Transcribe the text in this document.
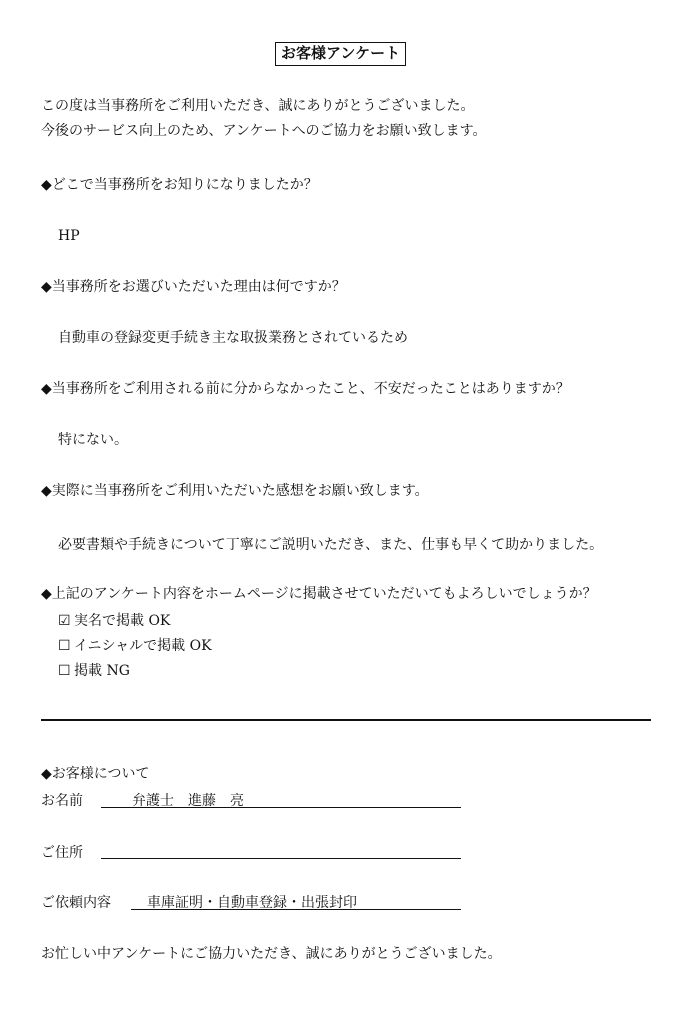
お客様アンケート
この度は当事務所をご利用いただき、誠にありがとうございました。
今後のサービス向上のため、アンケートへのご協力をお願い致します。
◆どこで当事務所をお知りになりましたか？
HP
◆当事務所をお選びいただいた理由は何ですか？
自動車の登録変更手続き主な取扱業務とされているため
◆当事務所をご利用される前に分からなかったこと、不安だったことはありますか？
特にない。
◆実際に当事務所をご利用いただいた感想をお願い致します。
必要書類や手続きについて丁寧にご説明いただき、また、仕事も早くて助かりました。
◆上記のアンケート内容をホームページに掲載させていただいてもよろしいでしょうか？
☑ 実名で掲載 OK
☐ イニシャルで掲載 OK
☐ 掲載 NG
◆お客様について
お名前	弁護士　進藤　亮
ご住所
ご依頼内容	車庫証明・自動車登録・出張封印
お忙しい中アンケートにご協力いただき、誠にありがとうございました。
